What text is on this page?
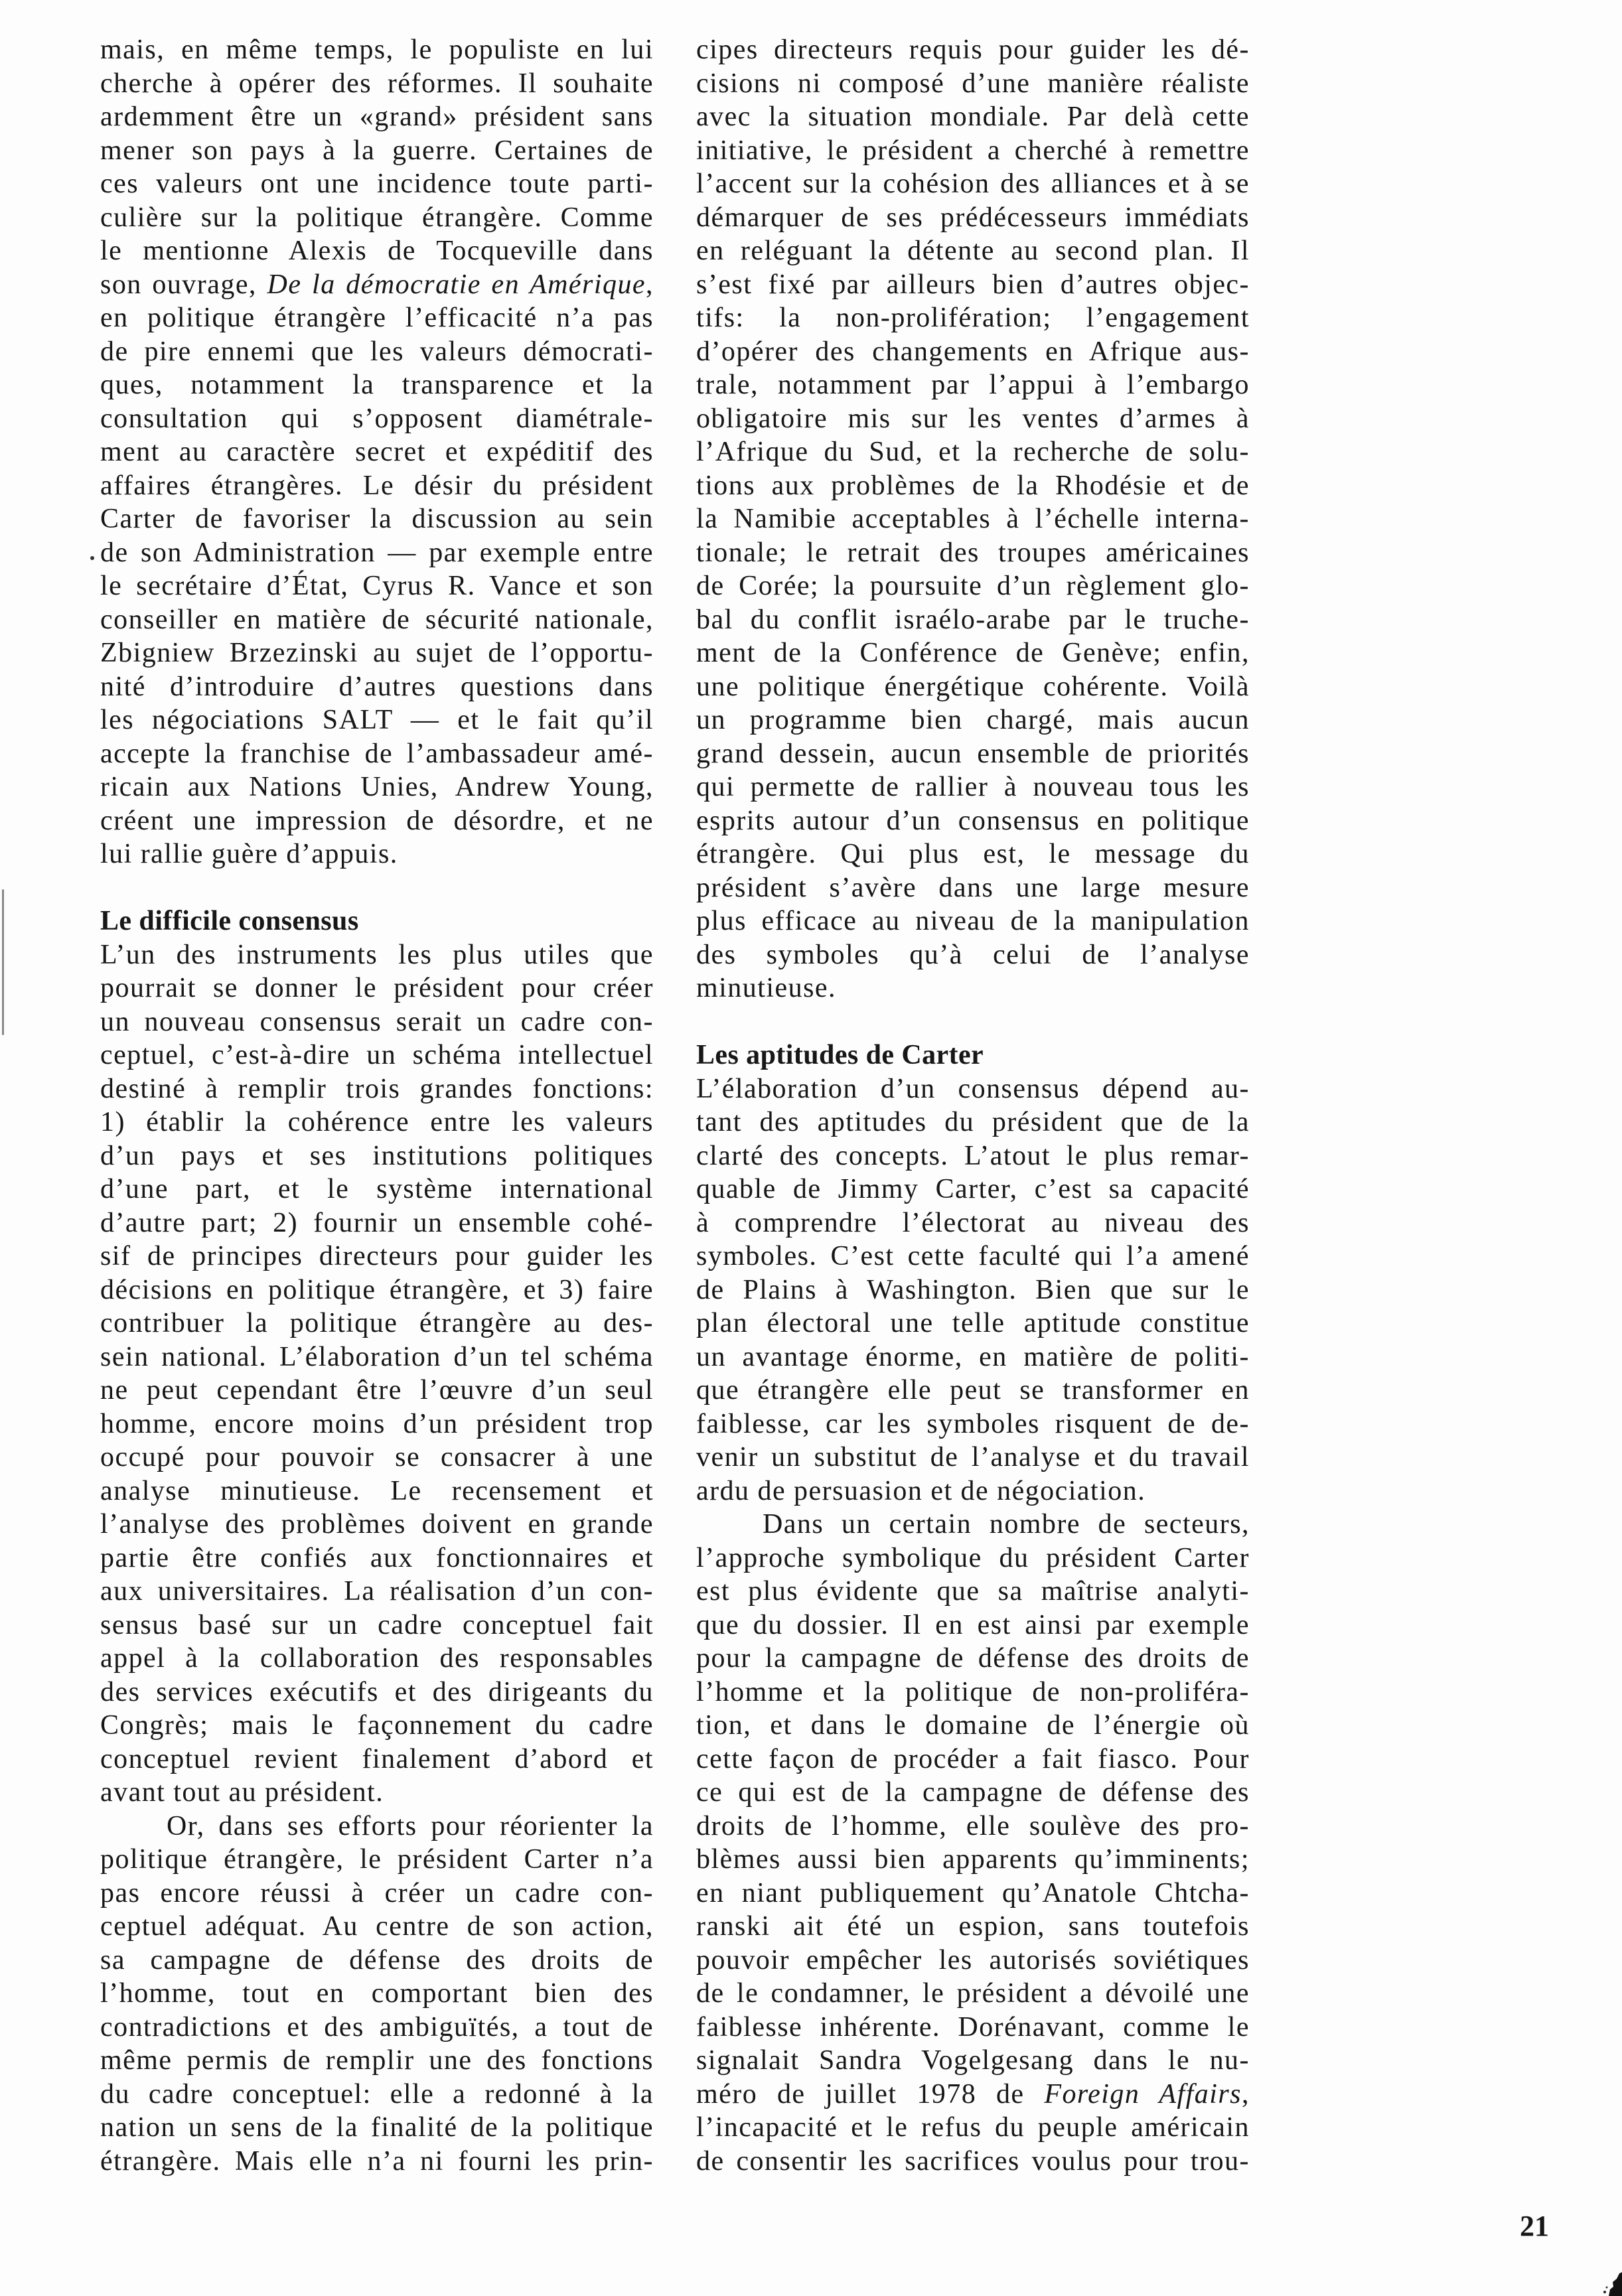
mais, en même temps, le populiste en lui
cherche à opérer des réformes. Il souhaite
ardemment être un «grand» président sans
mener son pays à la guerre. Certaines de
ces valeurs ont une incidence toute parti-
culière sur la politique étrangère. Comme
le mentionne Alexis de Tocqueville dans
son ouvrage, De la démocratie en Amérique,
en politique étrangère l’efficacité n’a pas
de pire ennemi que les valeurs démocrati-
ques, notamment la transparence et la
consultation qui s’opposent diamétrale-
ment au caractère secret et expéditif des
affaires étrangères. Le désir du président
Carter de favoriser la discussion au sein
de son Administration — par exemple entre
le secrétaire d’État, Cyrus R. Vance et son
conseiller en matière de sécurité nationale,
Zbigniew Brzezinski au sujet de l’opportu-
nité d’introduire d’autres questions dans
les négociations SALT — et le fait qu’il
accepte la franchise de l’ambassadeur amé-
ricain aux Nations Unies, Andrew Young,
créent une impression de désordre, et ne
lui rallie guère d’appuis.
Le difficile consensus
L’un des instruments les plus utiles que
pourrait se donner le président pour créer
un nouveau consensus serait un cadre con-
ceptuel, c’est-à-dire un schéma intellectuel
destiné à remplir trois grandes fonctions:
1) établir la cohérence entre les valeurs
d’un pays et ses institutions politiques
d’une part, et le système international
d’autre part; 2) fournir un ensemble cohé-
sif de principes directeurs pour guider les
décisions en politique étrangère, et 3) faire
contribuer la politique étrangère au des-
sein national. L’élaboration d’un tel schéma
ne peut cependant être l’œuvre d’un seul
homme, encore moins d’un président trop
occupé pour pouvoir se consacrer à une
analyse minutieuse. Le recensement et
l’analyse des problèmes doivent en grande
partie être confiés aux fonctionnaires et
aux universitaires. La réalisation d’un con-
sensus basé sur un cadre conceptuel fait
appel à la collaboration des responsables
des services exécutifs et des dirigeants du
Congrès; mais le façonnement du cadre
conceptuel revient finalement d’abord et
avant tout au président.
Or, dans ses efforts pour réorienter la
politique étrangère, le président Carter n’a
pas encore réussi à créer un cadre con-
ceptuel adéquat. Au centre de son action,
sa campagne de défense des droits de
l’homme, tout en comportant bien des
contradictions et des ambiguïtés, a tout de
même permis de remplir une des fonctions
du cadre conceptuel: elle a redonné à la
nation un sens de la finalité de la politique
étrangère. Mais elle n’a ni fourni les prin-
cipes directeurs requis pour guider les dé-
cisions ni composé d’une manière réaliste
avec la situation mondiale. Par delà cette
initiative, le président a cherché à remettre
l’accent sur la cohésion des alliances et à se
démarquer de ses prédécesseurs immédiats
en reléguant la détente au second plan. Il
s’est fixé par ailleurs bien d’autres objec-
tifs: la non-prolifération; l’engagement
d’opérer des changements en Afrique aus-
trale, notamment par l’appui à l’embargo
obligatoire mis sur les ventes d’armes à
l’Afrique du Sud, et la recherche de solu-
tions aux problèmes de la Rhodésie et de
la Namibie acceptables à l’échelle interna-
tionale; le retrait des troupes américaines
de Corée; la poursuite d’un règlement glo-
bal du conflit israélo-arabe par le truche-
ment de la Conférence de Genève; enfin,
une politique énergétique cohérente. Voilà
un programme bien chargé, mais aucun
grand dessein, aucun ensemble de priorités
qui permette de rallier à nouveau tous les
esprits autour d’un consensus en politique
étrangère. Qui plus est, le message du
président s’avère dans une large mesure
plus efficace au niveau de la manipulation
des symboles qu’à celui de l’analyse
minutieuse.
Les aptitudes de Carter
L’élaboration d’un consensus dépend au-
tant des aptitudes du président que de la
clarté des concepts. L’atout le plus remar-
quable de Jimmy Carter, c’est sa capacité
à comprendre l’électorat au niveau des
symboles. C’est cette faculté qui l’a amené
de Plains à Washington. Bien que sur le
plan électoral une telle aptitude constitue
un avantage énorme, en matière de politi-
que étrangère elle peut se transformer en
faiblesse, car les symboles risquent de de-
venir un substitut de l’analyse et du travail
ardu de persuasion et de négociation.
Dans un certain nombre de secteurs,
l’approche symbolique du président Carter
est plus évidente que sa maîtrise analyti-
que du dossier. Il en est ainsi par exemple
pour la campagne de défense des droits de
l’homme et la politique de non-proliféra-
tion, et dans le domaine de l’énergie où
cette façon de procéder a fait fiasco. Pour
ce qui est de la campagne de défense des
droits de l’homme, elle soulève des pro-
blèmes aussi bien apparents qu’imminents;
en niant publiquement qu’Anatole Chtcha-
ranski ait été un espion, sans toutefois
pouvoir empêcher les autorisés soviétiques
de le condamner, le président a dévoilé une
faiblesse inhérente. Dorénavant, comme le
signalait Sandra Vogelgesang dans le nu-
méro de juillet 1978 de Foreign Affairs,
l’incapacité et le refus du peuple américain
de consentir les sacrifices voulus pour trou-
21
